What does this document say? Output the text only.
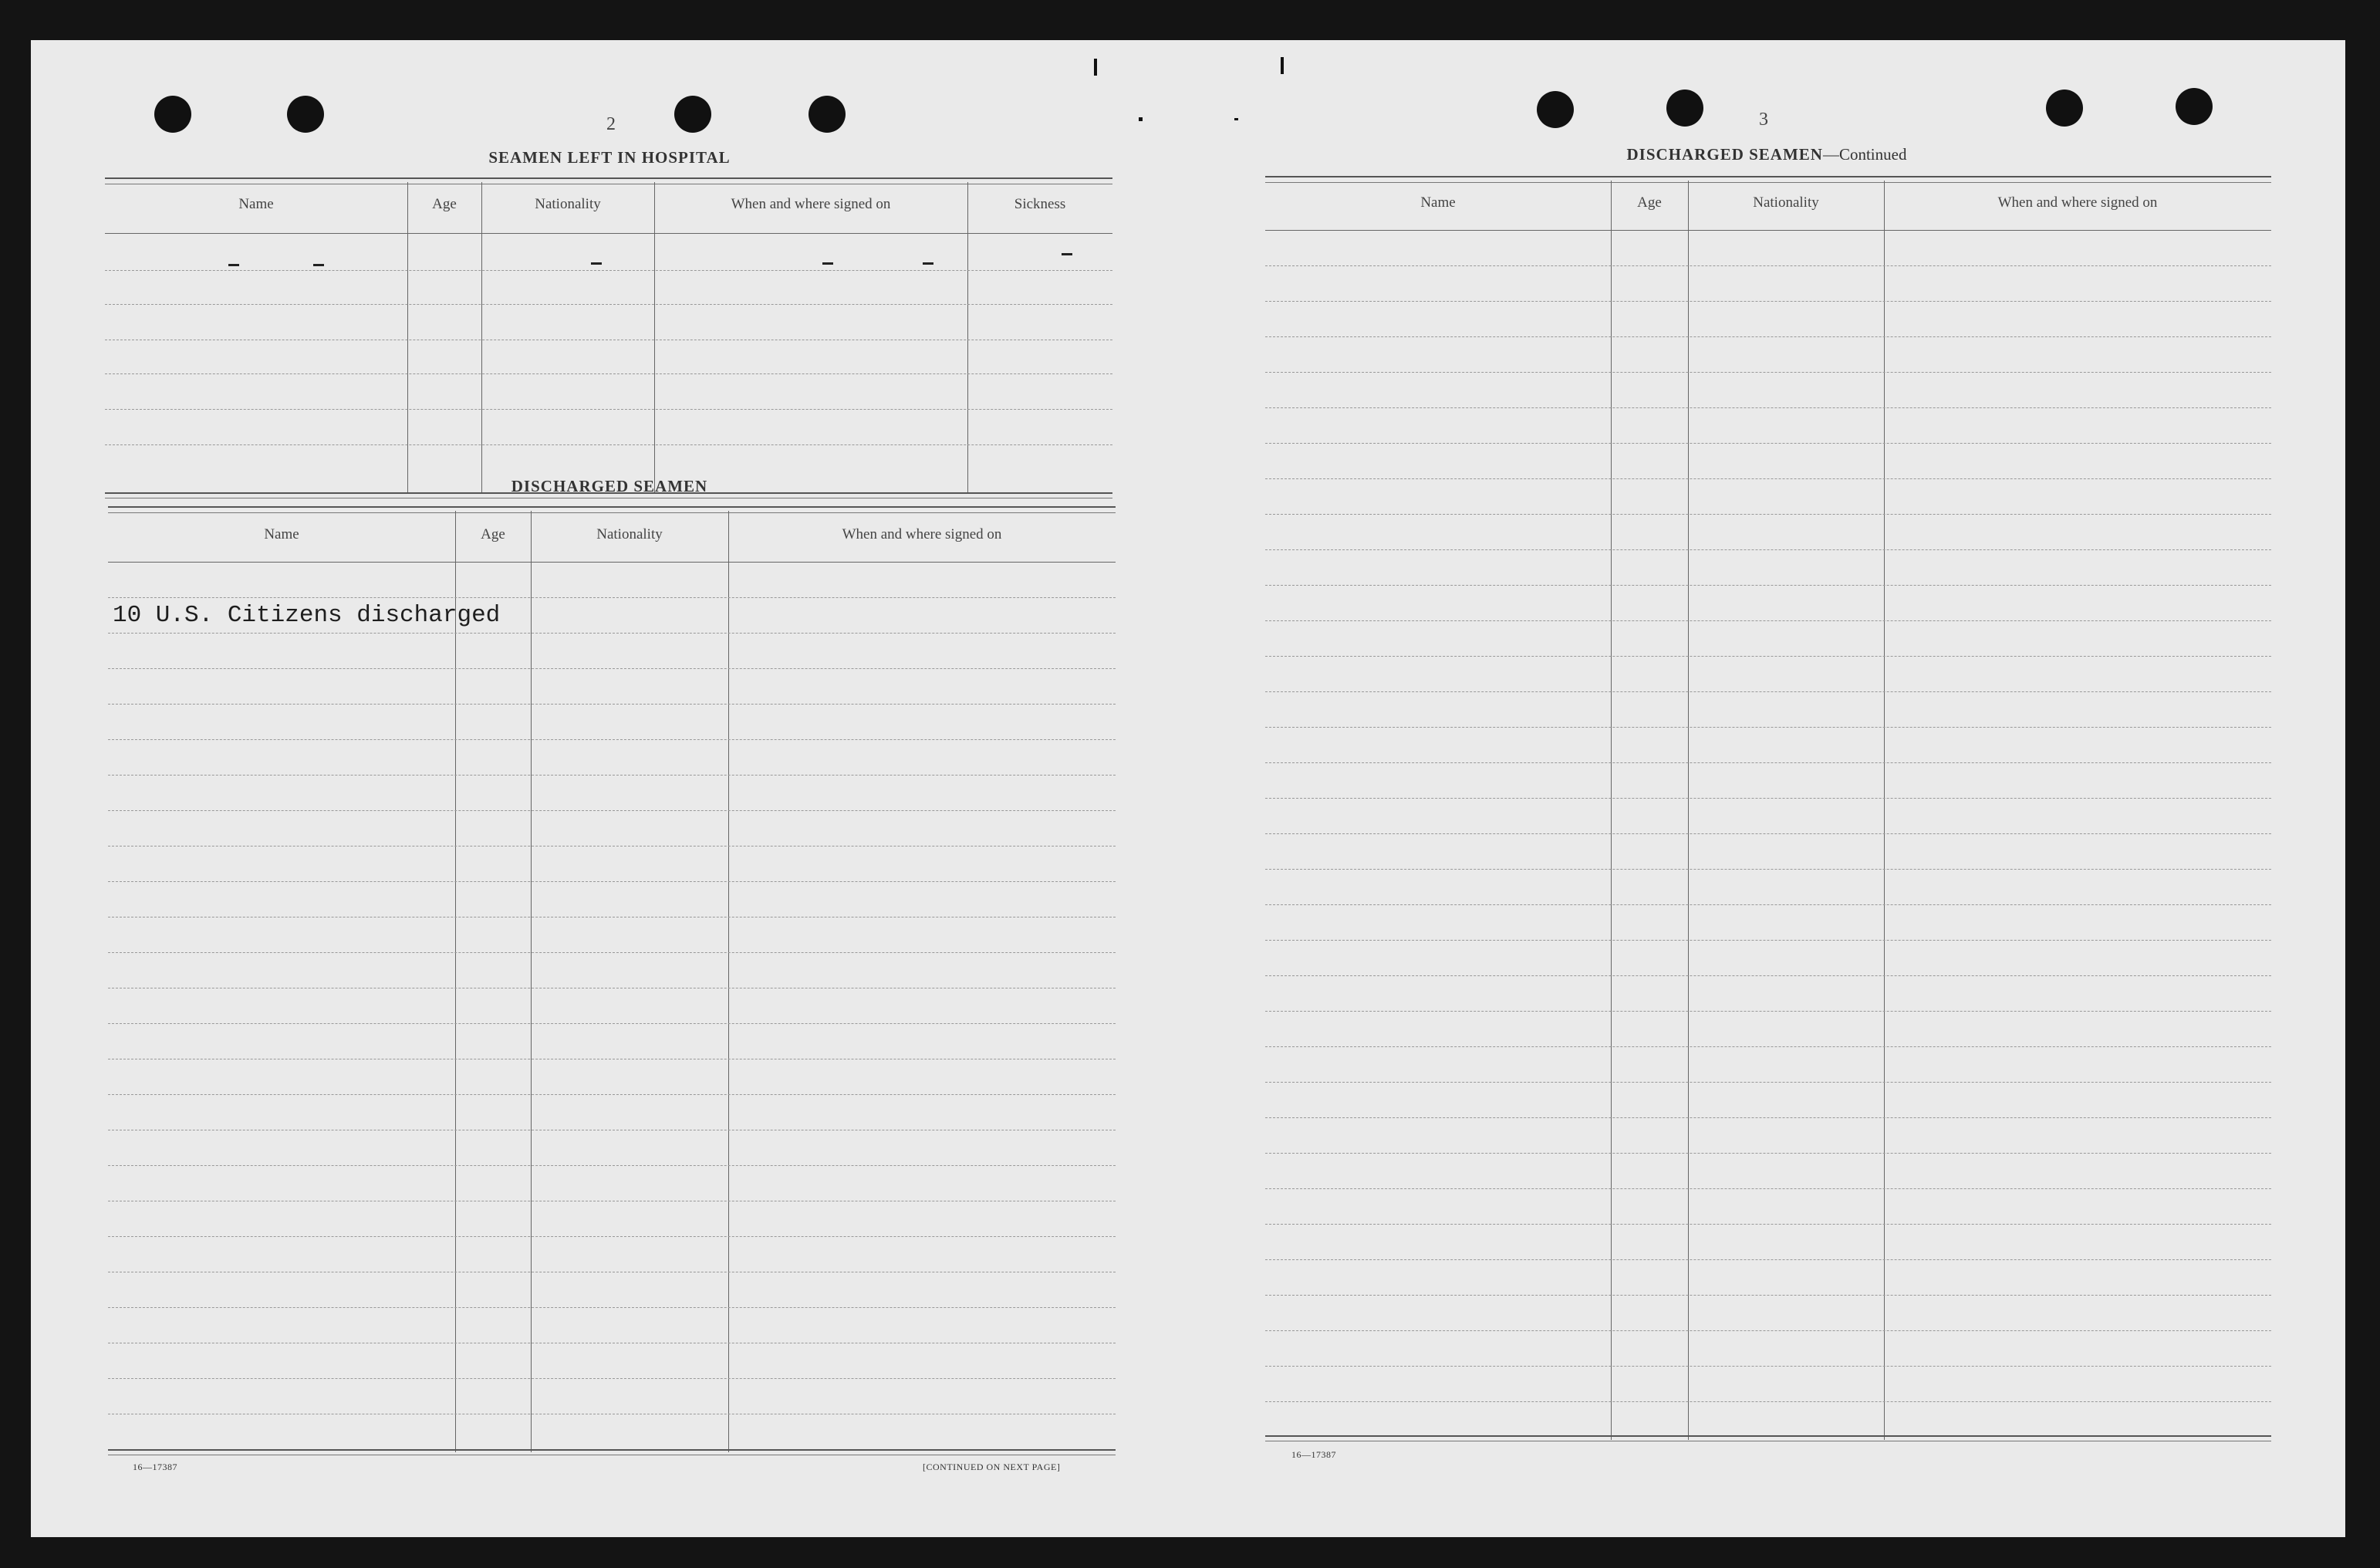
2
SEAMEN LEFT IN HOSPITAL
Name	Age	Nationality	When and where signed on	Sickness
DISCHARGED SEAMEN
Name	Age	Nationality	When and where signed on
10 U.S. Citizens discharged
16—17387	[CONTINUED ON NEXT PAGE]
3
DISCHARGED SEAMEN—Continued
Name	Age	Nationality	When and where signed on
16—17387
